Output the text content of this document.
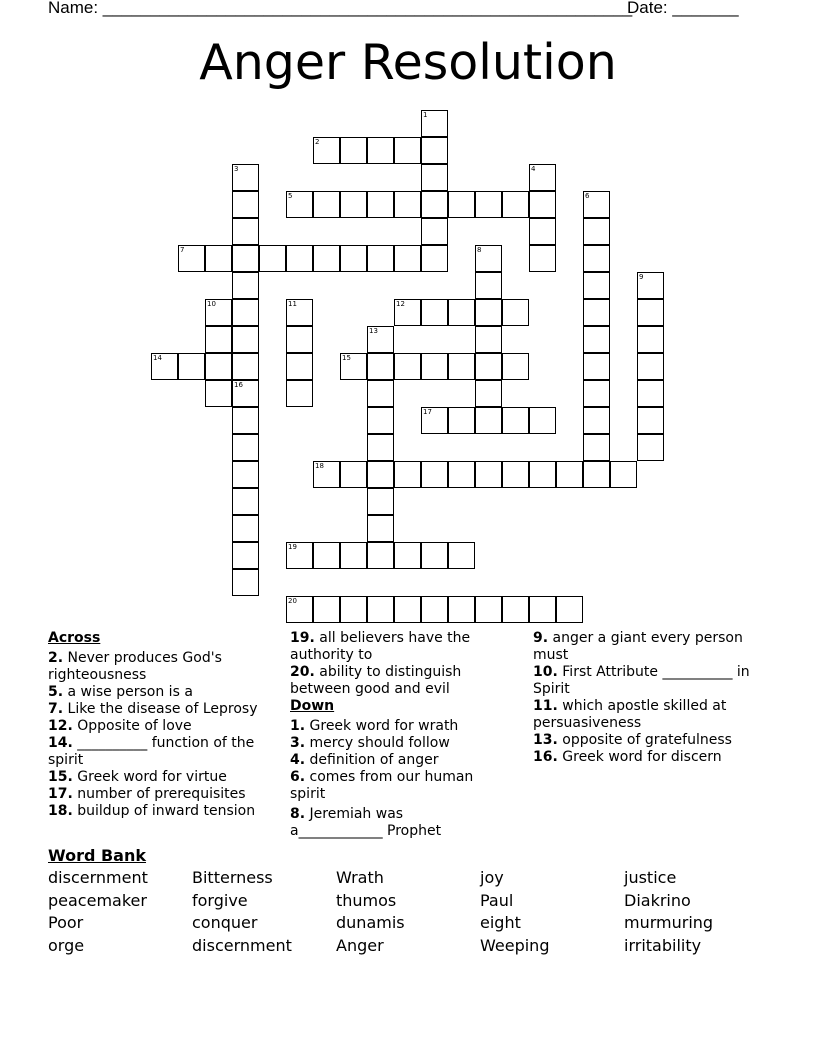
Name: ________________________________________________________
Date: _______
Anger Resolution
1
2
3
16
4
5	6
7	8
9
10	11	12
13
14	15
17
18
19
20

Across

2. Never produces God's righteousness

5. a wise person is a

7. Like the disease of Leprosy

12. Opposite of love

14. __________ function of the spirit

15. Greek word for virtue

17. number of prerequisites

18. buildup of inward tension

19. all believers have the authority to

20. ability to distinguish between good and evil

Down

1. Greek word for wrath

3. mercy should follow

4. definition of anger

6. comes from our human spirit

8. Jeremiah was a____________ Prophet

9. anger a giant every person must

10. First Attribute __________ in Spirit

11. which apostle skilled at persuasiveness

13. opposite of gratefulness

16. Greek word for discern

Word Bank
discernment	Bitterness	Wrath	joy	justice
peacemaker	forgive	thumos	Paul	Diakrino
Poor	conquer	dunamis	eight	murmuring
orge	discernment	Anger	Weeping	irritability
